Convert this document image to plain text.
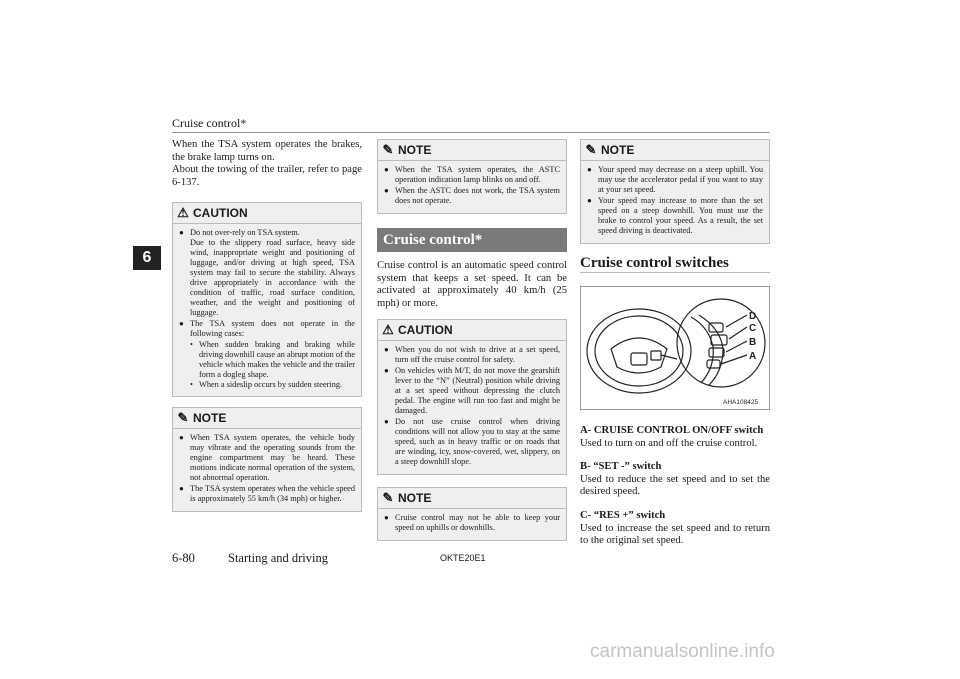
Cruise control*
6
When the TSA system operates the brakes, the brake lamp turns on.
About the towing of the trailer, refer to page 6-137.
⚠ CAUTION
● Do not over-rely on TSA system.
Due to the slippery road surface, heavy side wind, inappropriate weight and positioning of luggage, and/or driving at high speed, TSA system may fail to secure the stability. Always drive appropriately in accordance with the condition of traffic, road surface condition, weather, and the weight and positioning of luggage.
● The TSA system does not operate in the following cases:
• When sudden braking and braking while driving downhill cause an abrupt motion of the vehicle which makes the vehicle and the trailer form a dogleg shape.
• When a sideslip occurs by sudden steering.
✎ NOTE
● When TSA system operates, the vehicle body may vibrate and the operating sounds from the engine compartment may be heard. These motions indicate normal operation of the system, not abnormal operation.
● The TSA system operates when the vehicle speed is approximately 55 km/h (34 mph) or higher.
✎ NOTE
● When the TSA system operates, the ASTC operation indication lamp blinks on and off.
● When the ASTC does not work, the TSA system does not operate.
Cruise control*
Cruise control is an automatic speed control system that keeps a set speed. It can be activated at approximately 40 km/h (25 mph) or more.
⚠ CAUTION
● When you do not wish to drive at a set speed, turn off the cruise control for safety.
● On vehicles with M/T, do not move the gearshift lever to the “N” (Neutral) position while driving at a set speed without depressing the clutch pedal. The engine will run too fast and might be damaged.
● Do not use cruise control when driving conditions will not allow you to stay at the same speed, such as in heavy traffic or on roads that are winding, icy, snow-covered, wet, slippery, on a steep downhill slope.
✎ NOTE
● Cruise control may not be able to keep your speed on uphills or downhills.
✎ NOTE
● Your speed may decrease on a steep uphill. You may use the accelerator pedal if you want to stay at your set speed.
● Your speed may increase to more than the set speed on a steep downhill. You must use the brake to control your speed. As a result, the set speed driving is deactivated.
Cruise control switches
D
C
B
A
AHA108425
A- CRUISE CONTROL ON/OFF switch
Used to turn on and off the cruise control.
B- “SET -” switch
Used to reduce the set speed and to set the desired speed.
C- “RES +” switch
Used to increase the set speed and to return to the original set speed.
6-80	Starting and driving	OKTE20E1
carmanualsonline.info
